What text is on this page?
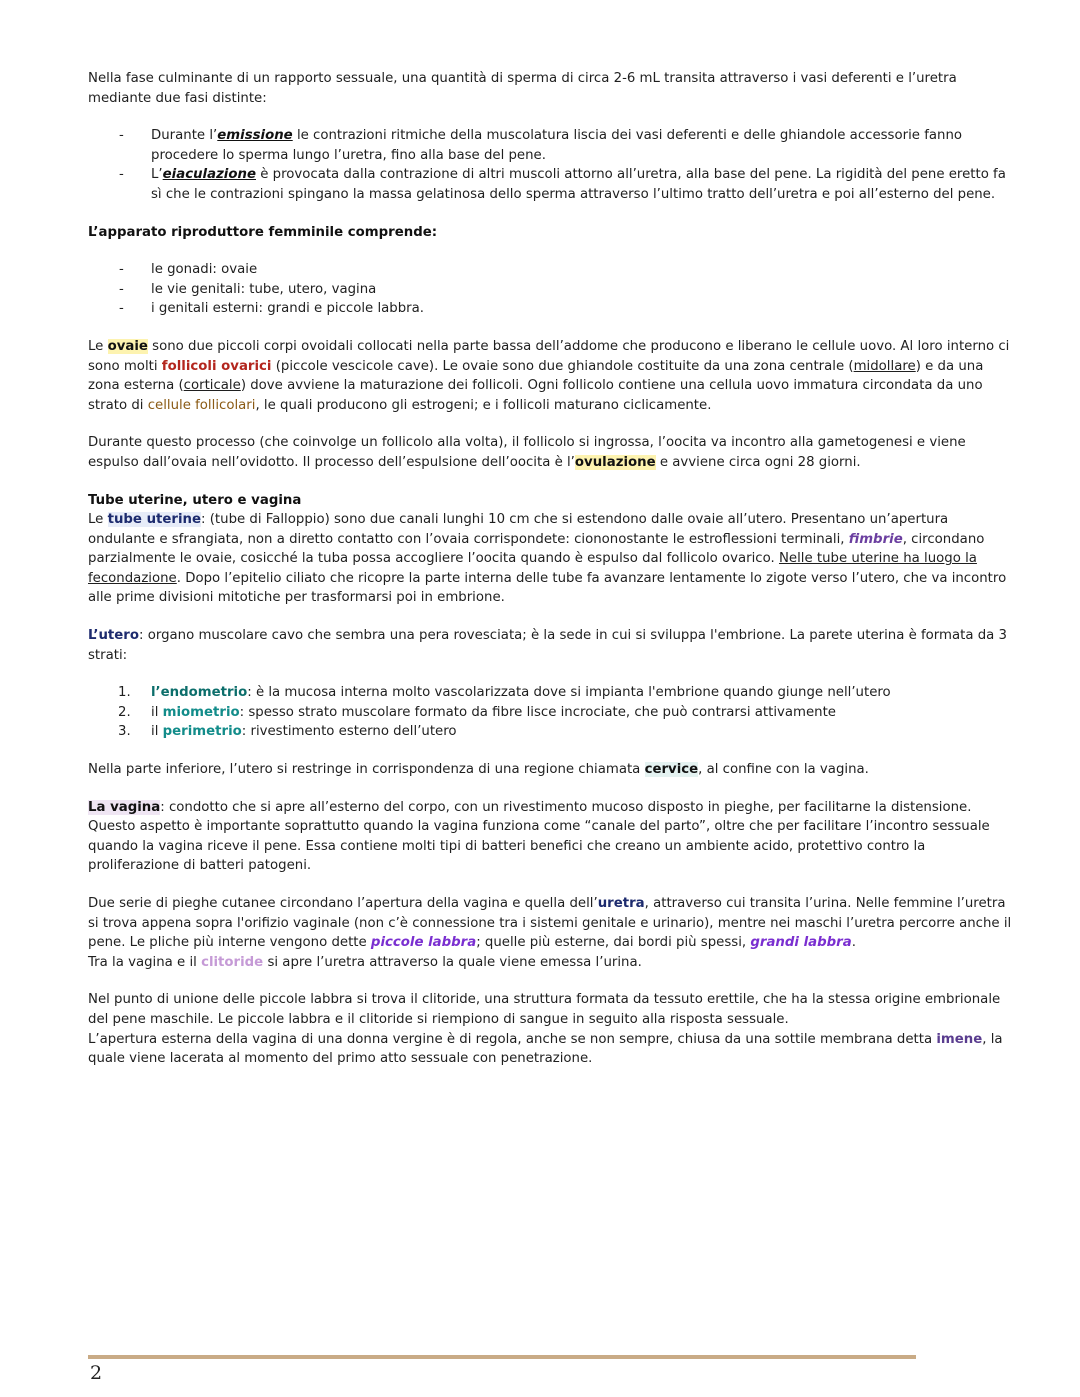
Nella fase culminante di un rapporto sessuale, una quantità di sperma di circa 2-6 mL transita attraverso i vasi deferenti e l’uretra mediante due fasi distinte:

- Durante l’emissione le contrazioni ritmiche della muscolatura liscia dei vasi deferenti e delle ghiandole accessorie fanno procedere lo sperma lungo l’uretra, fino alla base del pene.
- L’eiaculazione è provocata dalla contrazione di altri muscoli attorno all’uretra, alla base del pene. La rigidità del pene eretto fa sì che le contrazioni spingano la massa gelatinosa dello sperma attraverso l’ultimo tratto dell’uretra e poi all’esterno del pene.

L’apparato riproduttore femminile comprende:

- le gonadi: ovaie
- le vie genitali: tube, utero, vagina
- i genitali esterni: grandi e piccole labbra.

Le ovaie sono due piccoli corpi ovoidali collocati nella parte bassa dell’addome che producono e liberano le cellule uovo. Al loro interno ci sono molti follicoli ovarici (piccole vescicole cave). Le ovaie sono due ghiandole costituite da una zona centrale (midollare) e da una zona esterna (corticale) dove avviene la maturazione dei follicoli. Ogni follicolo contiene una cellula uovo immatura circondata da uno strato di cellule follicolari, le quali producono gli estrogeni; e i follicoli maturano ciclicamente.

Durante questo processo (che coinvolge un follicolo alla volta), il follicolo si ingrossa, l’oocita va incontro alla gametogenesi e viene espulso dall’ovaia nell’ovidotto. Il processo dell’espulsione dell’oocita è l’ovulazione e avviene circa ogni 28 giorni.

Tube uterine, utero e vagina
Le tube uterine: (tube di Falloppio) sono due canali lunghi 10 cm che si estendono dalle ovaie all’utero. Presentano un’apertura ondulante e sfrangiata, non a diretto contatto con l’ovaia corrispondete: ciononostante le estroflessioni terminali, fimbrie, circondano parzialmente le ovaie, cosicché la tuba possa accogliere l’oocita quando è espulso dal follicolo ovarico. Nelle tube uterine ha luogo la fecondazione. Dopo l’epitelio ciliato che ricopre la parte interna delle tube fa avanzare lentamente lo zigote verso l’utero, che va incontro alle prime divisioni mitotiche per trasformarsi poi in embrione.

L’utero: organo muscolare cavo che sembra una pera rovesciata; è la sede in cui si sviluppa l'embrione. La parete uterina è formata da 3 strati:

1. l’endometrio: è la mucosa interna molto vascolarizzata dove si impianta l'embrione quando giunge nell’utero
2. il miometrio: spesso strato muscolare formato da fibre lisce incrociate, che può contrarsi attivamente
3. il perimetrio: rivestimento esterno dell’utero

Nella parte inferiore, l’utero si restringe in corrispondenza di una regione chiamata cervice, al confine con la vagina.

La vagina: condotto che si apre all’esterno del corpo, con un rivestimento mucoso disposto in pieghe, per facilitarne la distensione. Questo aspetto è importante soprattutto quando la vagina funziona come “canale del parto”, oltre che per facilitare l’incontro sessuale quando la vagina riceve il pene. Essa contiene molti tipi di batteri benefici che creano un ambiente acido, protettivo contro la proliferazione di batteri patogeni.

Due serie di pieghe cutanee circondano l’apertura della vagina e quella dell’uretra, attraverso cui transita l’urina. Nelle femmine l’uretra si trova appena sopra l'orifizio vaginale (non c’è connessione tra i sistemi genitale e urinario), mentre nei maschi l’uretra percorre anche il pene. Le pliche più interne vengono dette piccole labbra; quelle più esterne, dai bordi più spessi, grandi labbra.
Tra la vagina e il clitoride si apre l’uretra attraverso la quale viene emessa l’urina.

Nel punto di unione delle piccole labbra si trova il clitoride, una struttura formata da tessuto erettile, che ha la stessa origine embrionale del pene maschile. Le piccole labbra e il clitoride si riempiono di sangue in seguito alla risposta sessuale.
L’apertura esterna della vagina di una donna vergine è di regola, anche se non sempre, chiusa da una sottile membrana detta imene, la quale viene lacerata al momento del primo atto sessuale con penetrazione.

2
